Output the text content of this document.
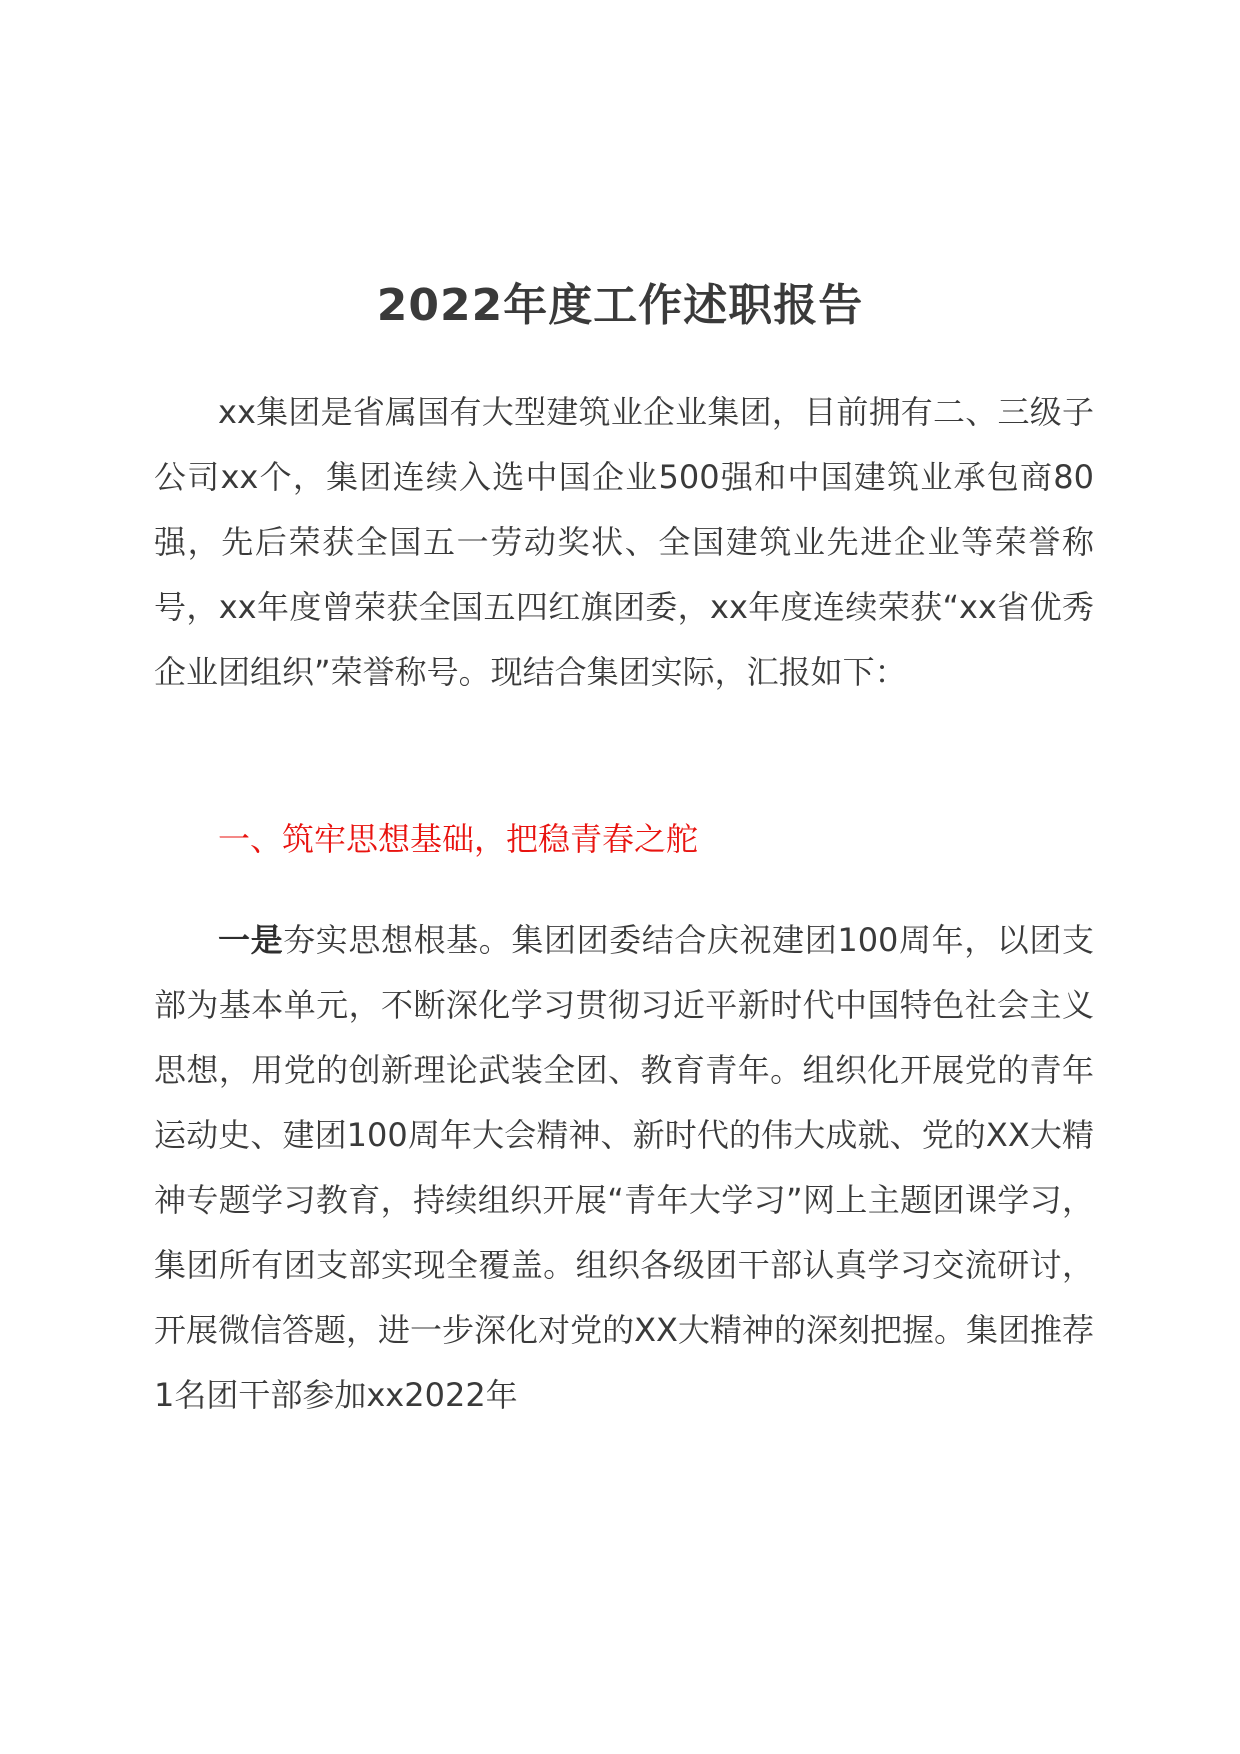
2022年度工作述职报告

xx集团是省属国有大型建筑业企业集团，目前拥有二、三级子公司xx个，集团连续入选中国企业500强和中国建筑业承包商80强，先后荣获全国五一劳动奖状、全国建筑业先进企业等荣誉称号，xx年度曾荣获全国五四红旗团委，xx年度连续荣获“xx省优秀企业团组织”荣誉称号。现结合集团实际，汇报如下：

一、筑牢思想基础，把稳青春之舵

一是夯实思想根基。集团团委结合庆祝建团100周年，以团支部为基本单元，不断深化学习贯彻习近平新时代中国特色社会主义思想，用党的创新理论武装全团、教育青年。组织化开展党的青年运动史、建团100周年大会精神、新时代的伟大成就、党的XX大精神专题学习教育，持续组织开展“青年大学习”网上主题团课学习，集团所有团支部实现全覆盖。组织各级团干部认真学习交流研讨，开展微信答题，进一步深化对党的XX大精神的深刻把握。集团推荐1名团干部参加xx2022年
